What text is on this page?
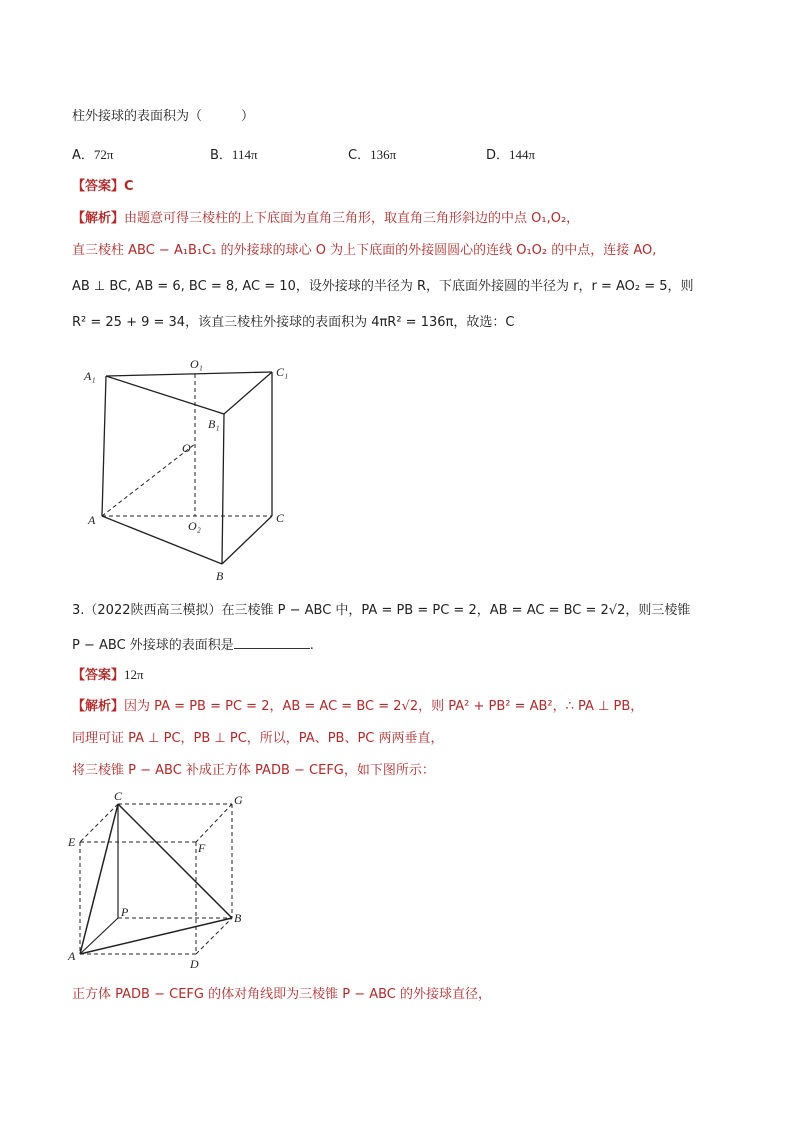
柱外接球的表面积为（　　　）
A．72π	B．114π	C．136π	D．144π
【答案】C
【解析】由题意可得三棱柱的上下底面为直角三角形，取直角三角形斜边的中点 O₁,O₂，
直三棱柱 ABC − A₁B₁C₁ 的外接球的球心 O 为上下底面的外接圆圆心的连线 O₁O₂ 的中点，连接 AO,
AB ⊥ BC, AB = 6, BC = 8, AC = 10，设外接球的半径为 R，下底面外接圆的半径为 r，r = AO₂ = 5，则
R² = 25 + 9 = 34，该直三棱柱外接球的表面积为 4πR² = 136π，故选：C
A₁
O₁
C₁
B₁
O
A	O₂
C
B
3.（2022陕西高三模拟）在三棱锥 P − ABC 中，PA = PB = PC = 2，AB = AC = BC = 2√2，则三棱锥
P − ABC 外接球的表面积是	.
【答案】12π
【解析】因为 PA = PB = PC = 2，AB = AC = BC = 2√2，则 PA² + PB² = AB²，∴ PA ⊥ PB，
同理可证 PA ⊥ PC，PB ⊥ PC，所以，PA、PB、PC 两两垂直，
将三棱锥 P − ABC 补成正方体 PADB − CEFG，如下图所示：
C	G
E	F
P	B
A
D
正方体 PADB − CEFG 的体对角线即为三棱锥 P − ABC 的外接球直径，
